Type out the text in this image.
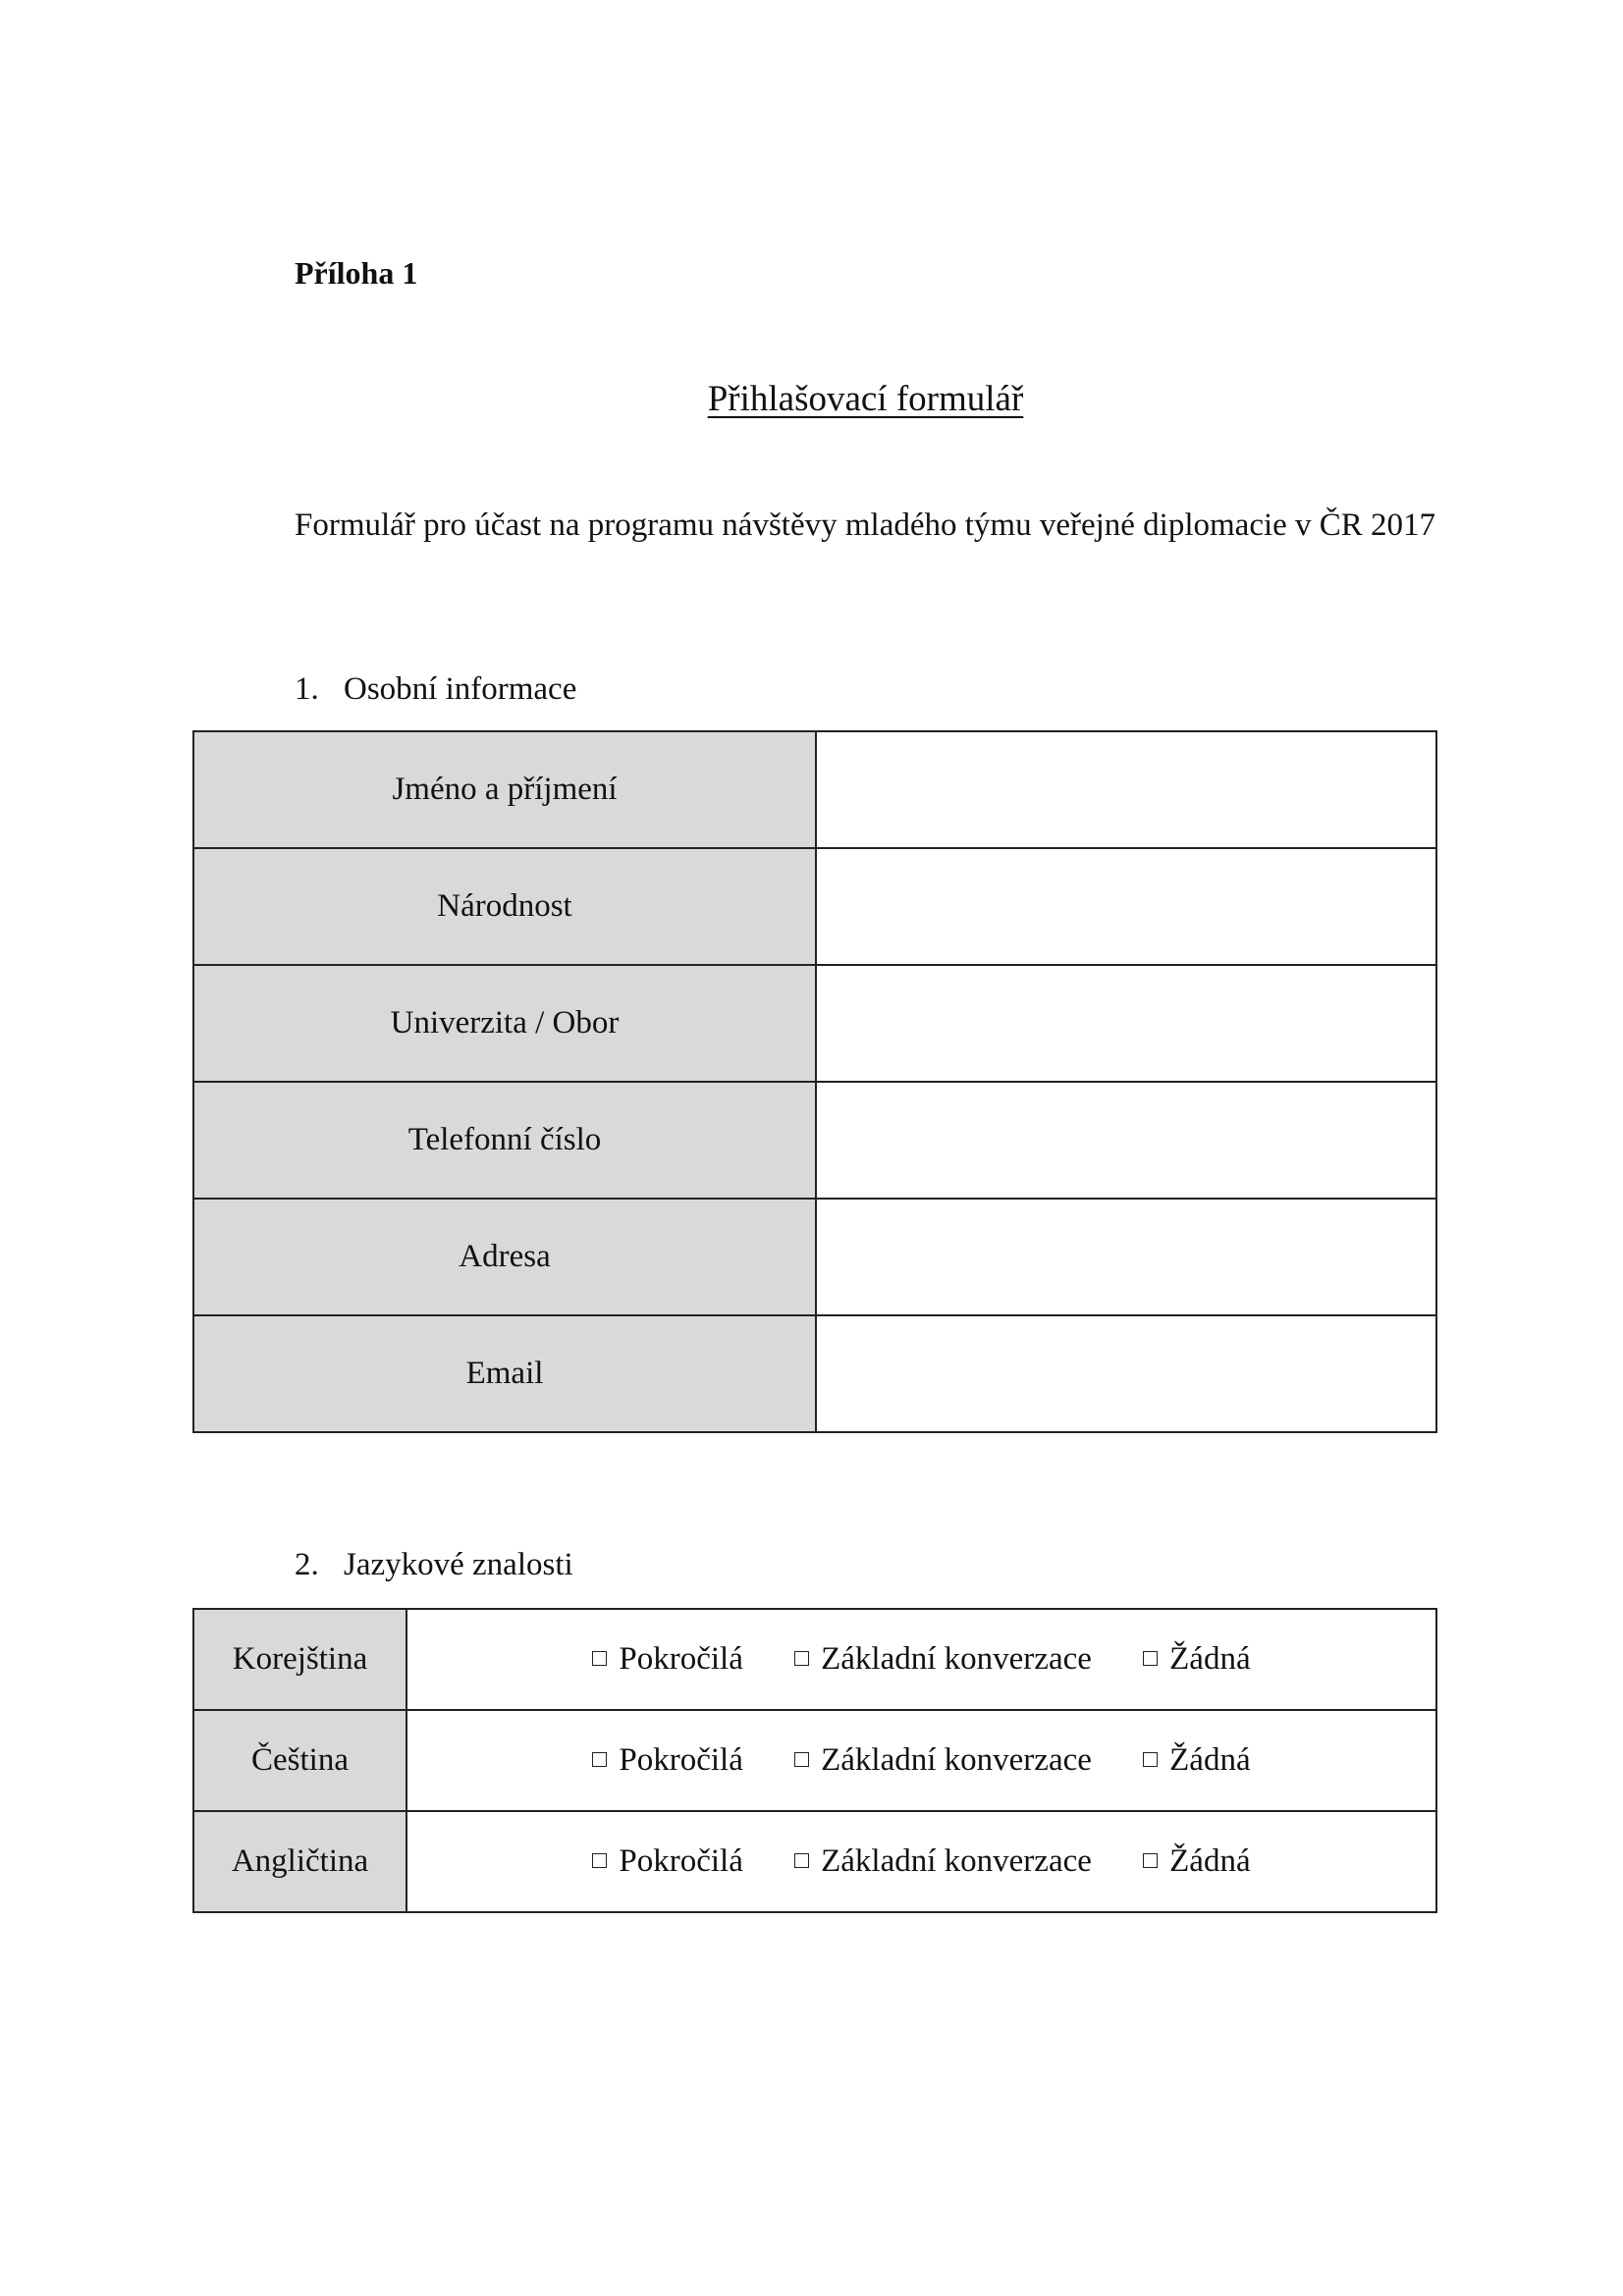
Příloha 1
Přihlašovací formulář
Formulář pro účast na programu návštěvy mladého týmu veřejné diplomacie v ČR 2017
1. Osobní informace
Jméno a příjmení	
Národnost	
Univerzita / Obor	
Telefonní číslo	
Adresa	
Email	
2. Jazykové znalosti
Korejština	Pokročilá Základní konverzace Žádná
Čeština	Pokročilá Základní konverzace Žádná
Angličtina	Pokročilá Základní konverzace Žádná
